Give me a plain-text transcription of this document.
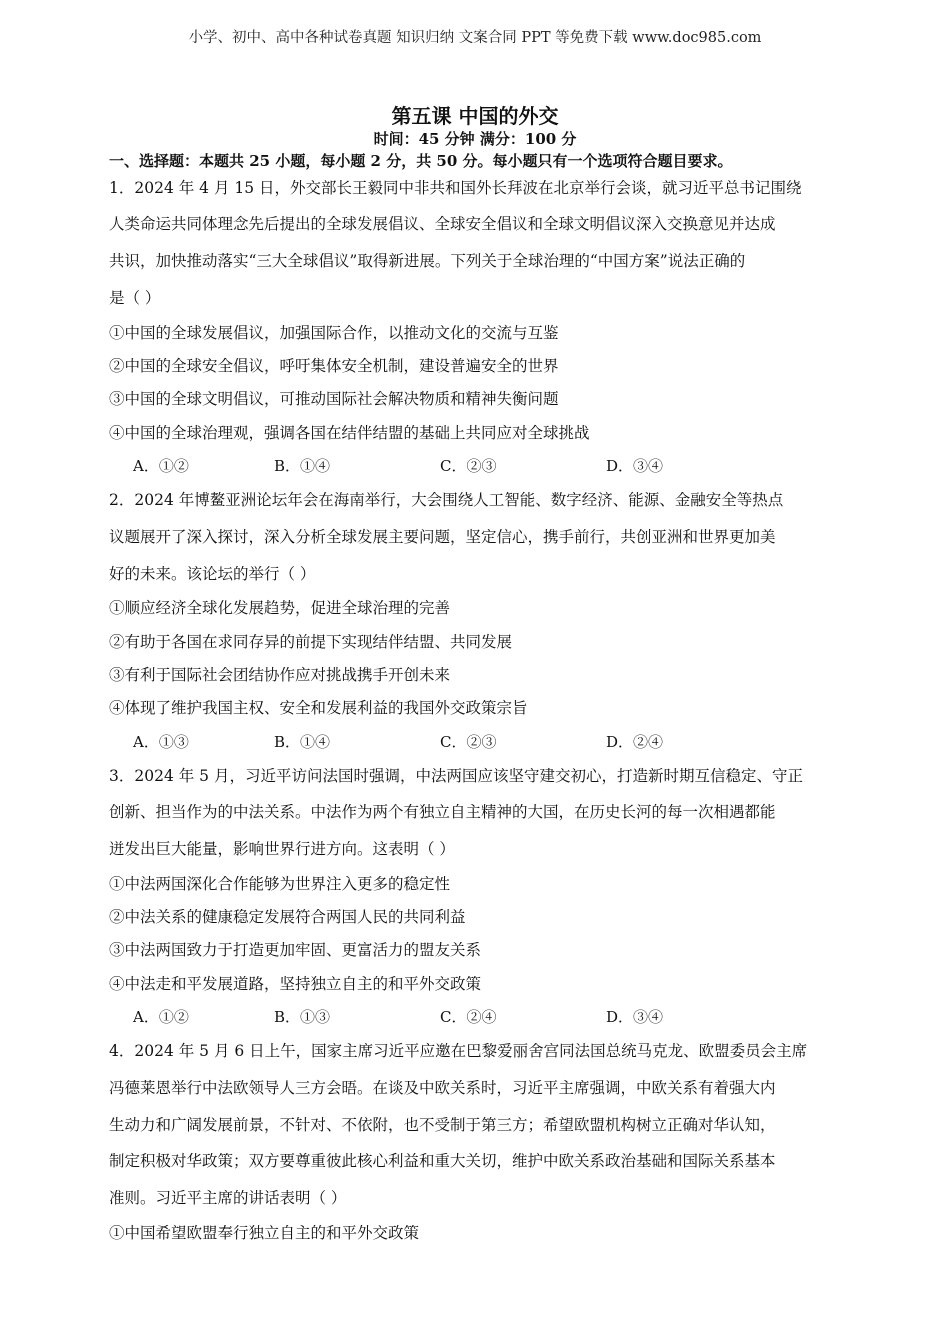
小学、初中、高中各种试卷真题 知识归纳 文案合同 PPT 等免费下载 www.doc985.com
第五课 中国的外交
时间：45 分钟 满分：100 分
一、选择题：本题共 25 小题，每小题 2 分，共 50 分。每小题只有一个选项符合题目要求。
1．2024 年 4 月 15 日，外交部长王毅同中非共和国外长拜波在北京举行会谈，就习近平总书记围绕
人类命运共同体理念先后提出的全球发展倡议、全球安全倡议和全球文明倡议深入交换意见并达成
共识，加快推动落实“三大全球倡议”取得新进展。下列关于全球治理的“中国方案”说法正确的
是（ ）
①中国的全球发展倡议，加强国际合作，以推动文化的交流与互鉴
②中国的全球安全倡议，呼吁集体安全机制，建设普遍安全的世界
③中国的全球文明倡议，可推动国际社会解决物质和精神失衡问题
④中国的全球治理观，强调各国在结伴结盟的基础上共同应对全球挑战
A．①②	B．①④	C．②③	D．③④
2．2024 年博鳌亚洲论坛年会在海南举行，大会围绕人工智能、数字经济、能源、金融安全等热点
议题展开了深入探讨，深入分析全球发展主要问题，坚定信心，携手前行，共创亚洲和世界更加美
好的未来。该论坛的举行（ ）
①顺应经济全球化发展趋势，促进全球治理的完善
②有助于各国在求同存异的前提下实现结伴结盟、共同发展
③有利于国际社会团结协作应对挑战携手开创未来
④体现了维护我国主权、安全和发展利益的我国外交政策宗旨
A．①③	B．①④	C．②③	D．②④
3．2024 年 5 月，习近平访问法国时强调，中法两国应该坚守建交初心，打造新时期互信稳定、守正
创新、担当作为的中法关系。中法作为两个有独立自主精神的大国，在历史长河的每一次相遇都能
迸发出巨大能量，影响世界行进方向。这表明（ ）
①中法两国深化合作能够为世界注入更多的稳定性
②中法关系的健康稳定发展符合两国人民的共同利益
③中法两国致力于打造更加牢固、更富活力的盟友关系
④中法走和平发展道路，坚持独立自主的和平外交政策
A．①②	B．①③	C．②④	D．③④
4．2024 年 5 月 6 日上午，国家主席习近平应邀在巴黎爱丽舍宫同法国总统马克龙、欧盟委员会主席
冯德莱恩举行中法欧领导人三方会晤。在谈及中欧关系时，习近平主席强调，中欧关系有着强大内
生动力和广阔发展前景，不针对、不依附，也不受制于第三方；希望欧盟机构树立正确对华认知，
制定积极对华政策；双方要尊重彼此核心利益和重大关切，维护中欧关系政治基础和国际关系基本
准则。习近平主席的讲话表明（ ）
①中国希望欧盟奉行独立自主的和平外交政策
